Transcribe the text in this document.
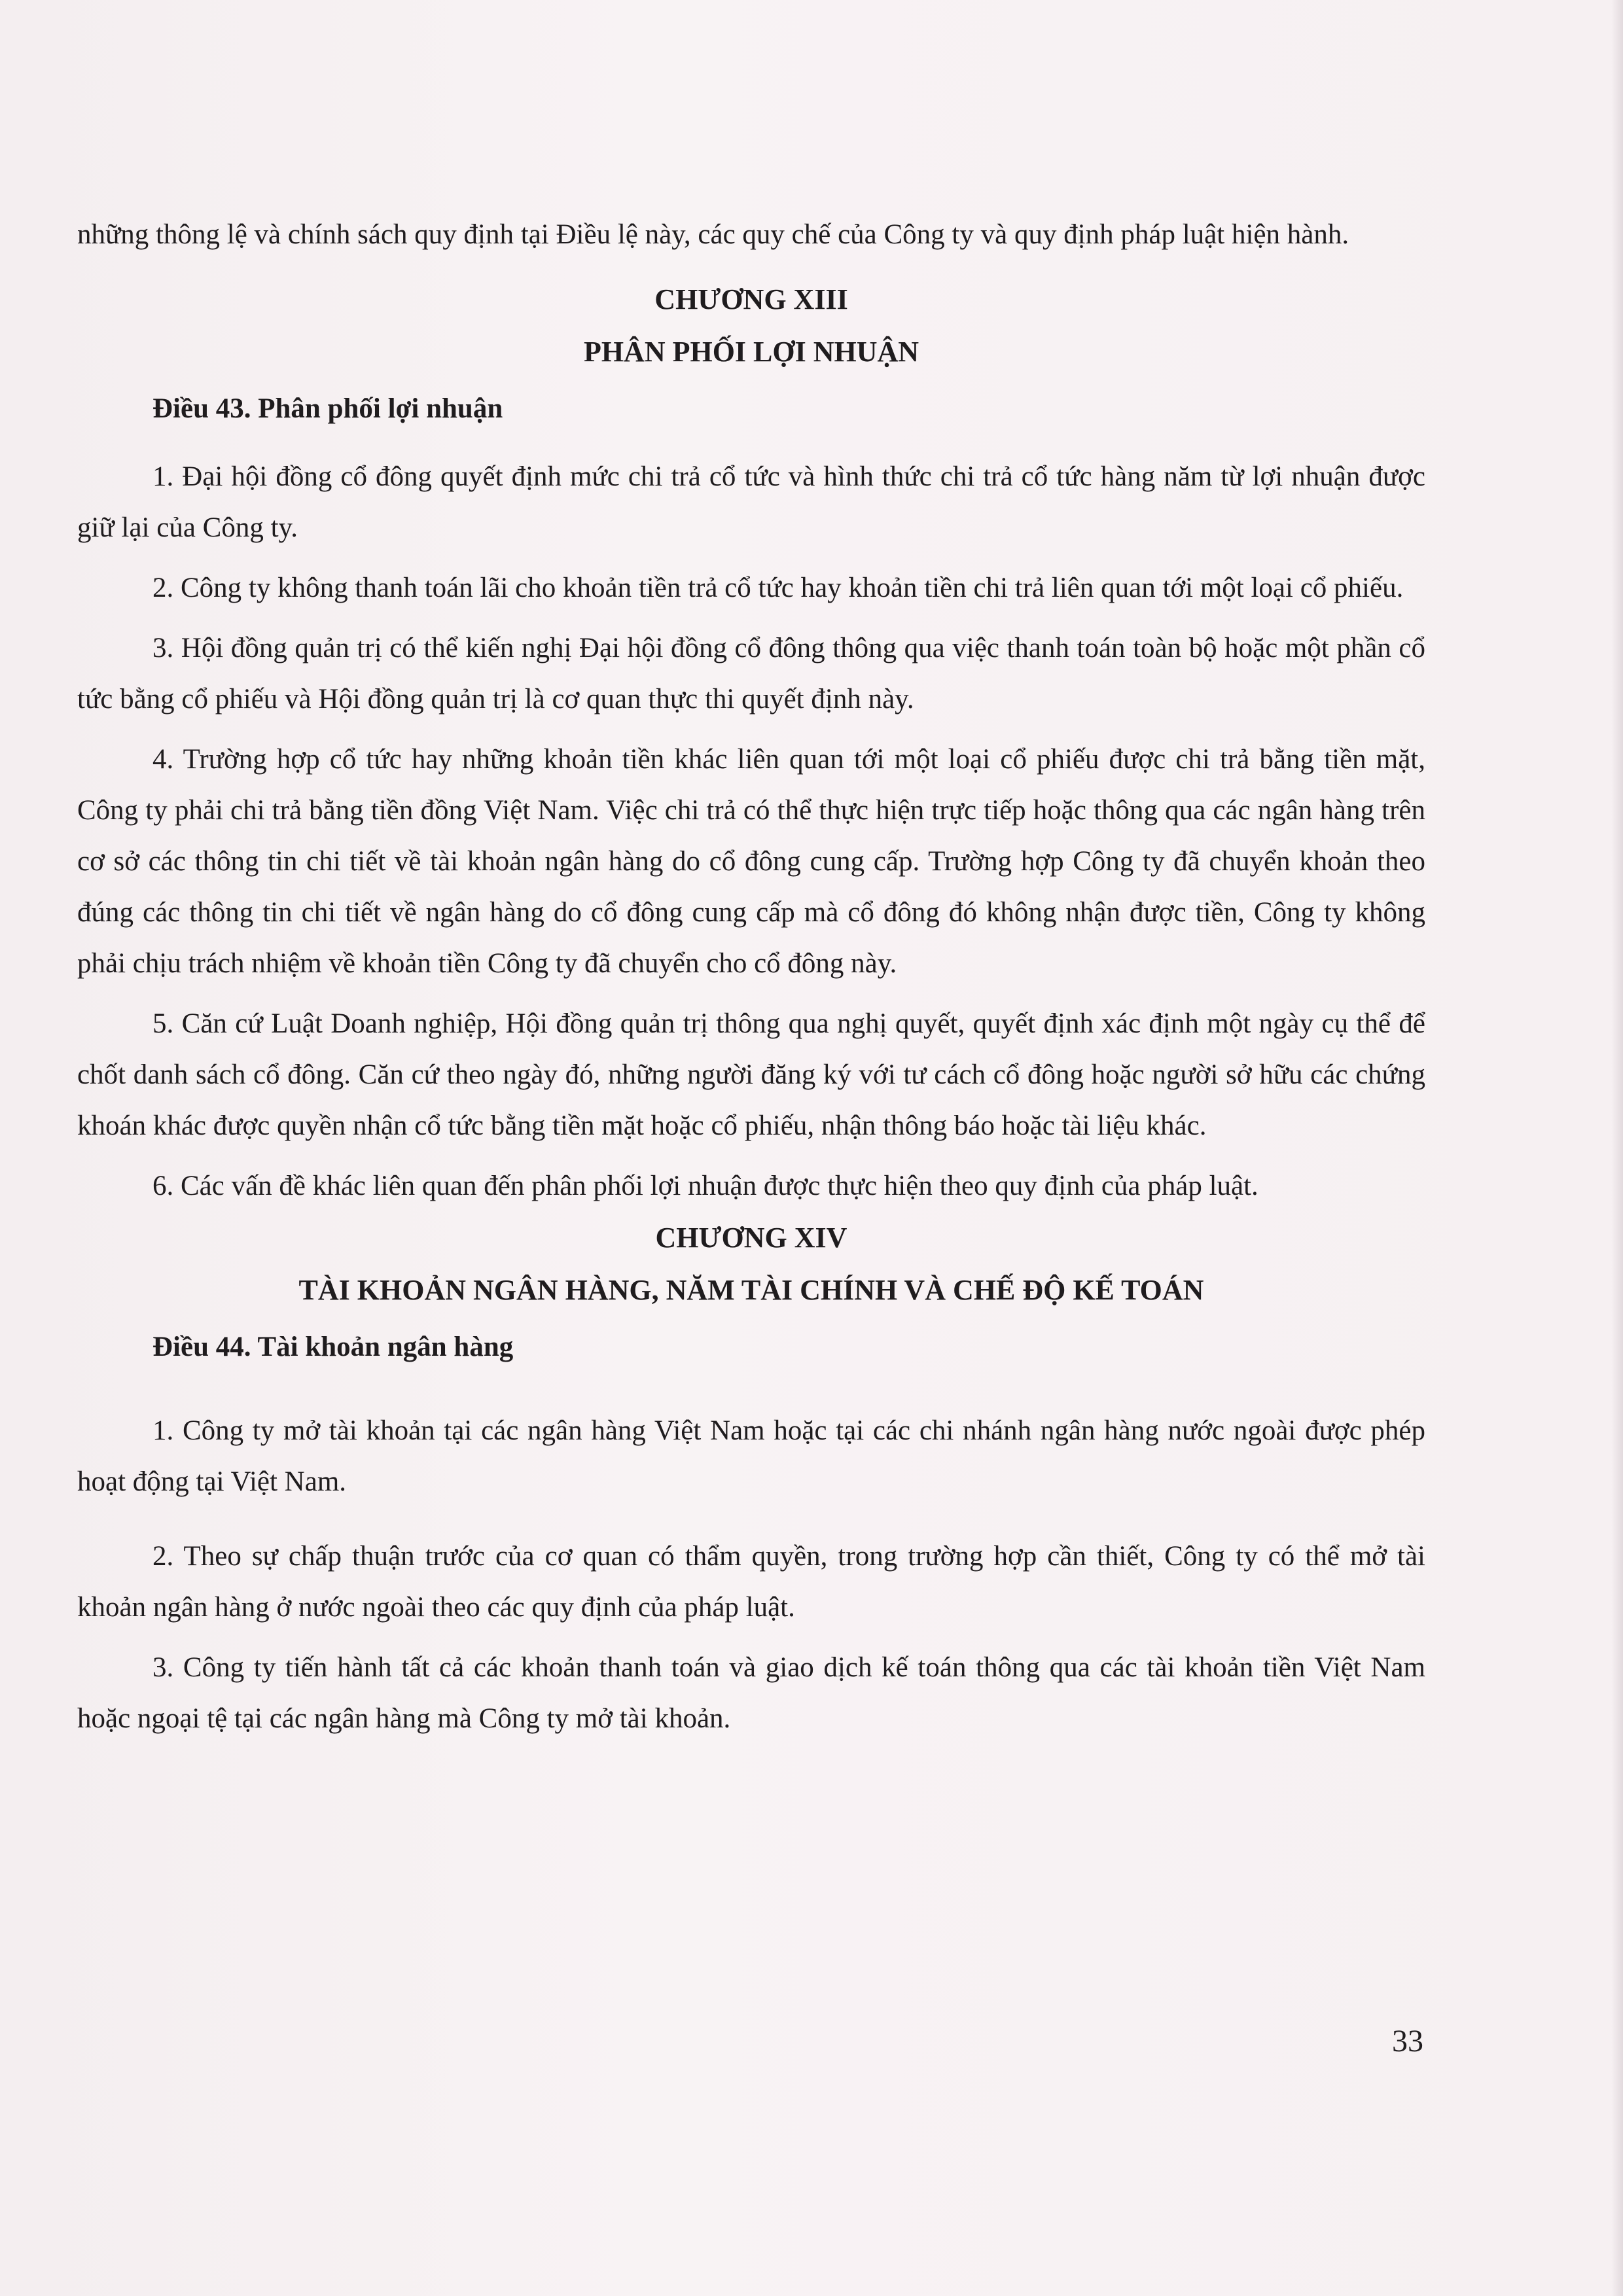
những thông lệ và chính sách quy định tại Điều lệ này, các quy chế của Công ty và quy định pháp luật hiện hành.

CHƯƠNG XIII

PHÂN PHỐI LỢI NHUẬN

Điều 43. Phân phối lợi nhuận

1. Đại hội đồng cổ đông quyết định mức chi trả cổ tức và hình thức chi trả cổ tức hàng năm từ lợi nhuận được giữ lại của Công ty.

2. Công ty không thanh toán lãi cho khoản tiền trả cổ tức hay khoản tiền chi trả liên quan tới một loại cổ phiếu.

3. Hội đồng quản trị có thể kiến nghị Đại hội đồng cổ đông thông qua việc thanh toán toàn bộ hoặc một phần cổ tức bằng cổ phiếu và Hội đồng quản trị là cơ quan thực thi quyết định này.

4. Trường hợp cổ tức hay những khoản tiền khác liên quan tới một loại cổ phiếu được chi trả bằng tiền mặt, Công ty phải chi trả bằng tiền đồng Việt Nam. Việc chi trả có thể thực hiện trực tiếp hoặc thông qua các ngân hàng trên cơ sở các thông tin chi tiết về tài khoản ngân hàng do cổ đông cung cấp. Trường hợp Công ty đã chuyển khoản theo đúng các thông tin chi tiết về ngân hàng do cổ đông cung cấp mà cổ đông đó không nhận được tiền, Công ty không phải chịu trách nhiệm về khoản tiền Công ty đã chuyển cho cổ đông này.

5. Căn cứ Luật Doanh nghiệp, Hội đồng quản trị thông qua nghị quyết, quyết định xác định một ngày cụ thể để chốt danh sách cổ đông. Căn cứ theo ngày đó, những người đăng ký với tư cách cổ đông hoặc người sở hữu các chứng khoán khác được quyền nhận cổ tức bằng tiền mặt hoặc cổ phiếu, nhận thông báo hoặc tài liệu khác.

6. Các vấn đề khác liên quan đến phân phối lợi nhuận được thực hiện theo quy định của pháp luật.

CHƯƠNG XIV

TÀI KHOẢN NGÂN HÀNG, NĂM TÀI CHÍNH VÀ CHẾ ĐỘ KẾ TOÁN

Điều 44. Tài khoản ngân hàng

1. Công ty mở tài khoản tại các ngân hàng Việt Nam hoặc tại các chi nhánh ngân hàng nước ngoài được phép hoạt động tại Việt Nam.

2. Theo sự chấp thuận trước của cơ quan có thẩm quyền, trong trường hợp cần thiết, Công ty có thể mở tài khoản ngân hàng ở nước ngoài theo các quy định của pháp luật.

3. Công ty tiến hành tất cả các khoản thanh toán và giao dịch kế toán thông qua các tài khoản tiền Việt Nam hoặc ngoại tệ tại các ngân hàng mà Công ty mở tài khoản.

33
